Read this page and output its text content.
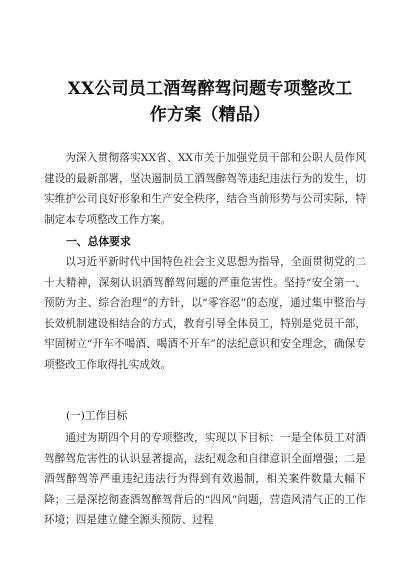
XX公司员工酒驾醉驾问题专项整改工
作方案（精品）

为深入贯彻落实XX省、XX市关于加强党员干部和公职人员作风建设的最新部署，坚决遏制员工酒驾醉驾等违纪违法行为的发生，切实维护公司良好形象和生产安全秩序，结合当前形势与公司实际，特制定本专项整改工作方案。

一、总体要求

以习近平新时代中国特色社会主义思想为指导，全面贯彻党的二十大精神，深刻认识酒驾醉驾问题的严重危害性。坚持“安全第一、预防为主、综合治理”的方针，以“零容忍”的态度，通过集中整治与长效机制建设相结合的方式，教育引导全体员工，特别是党员干部，牢固树立“开车不喝酒、喝酒不开车”的法纪意识和安全理念，确保专项整改工作取得扎实成效。

(一)工作目标

通过为期四个月的专项整改，实现以下目标：一是全体员工对酒驾醉驾危害性的认识显著提高，法纪观念和自律意识全面增强；二是酒驾醉驾等严重违纪违法行为得到有效遏制，相关案件数量大幅下降；三是深挖彻查酒驾醉驾背后的“四风”问题，营造风清气正的工作环境；四是建立健全源头预防、过程
